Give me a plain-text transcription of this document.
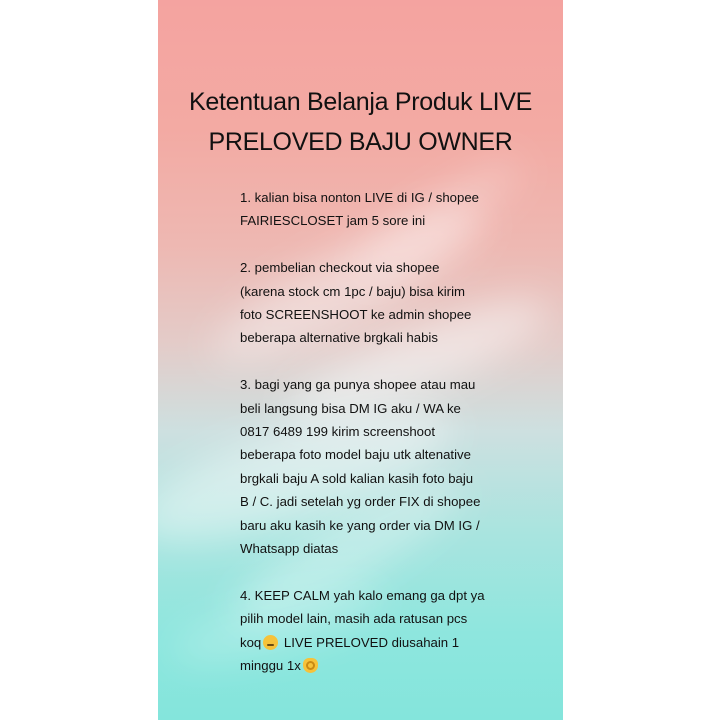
Ketentuan Belanja Produk LIVE
PRELOVED BAJU OWNER
1. kalian bisa nonton LIVE di IG / shopee
FAIRIESCLOSET jam 5 sore ini
2. pembelian checkout via shopee
(karena stock cm 1pc / baju) bisa kirim
foto SCREENSHOOT ke admin shopee
beberapa alternative brgkali habis
3. bagi yang ga punya shopee atau mau
beli langsung bisa DM IG aku / WA ke
0817 6489 199 kirim screenshoot
beberapa foto model baju utk altenative
brgkali baju A sold kalian kasih foto baju
B / C. jadi setelah yg order FIX di shopee
baru aku kasih ke yang order via DM IG /
Whatsapp diatas
4. KEEP CALM yah kalo emang ga dpt ya
pilih model lain, masih ada ratusan pcs
koq LIVE PRELOVED diusahain 1
minggu 1x
